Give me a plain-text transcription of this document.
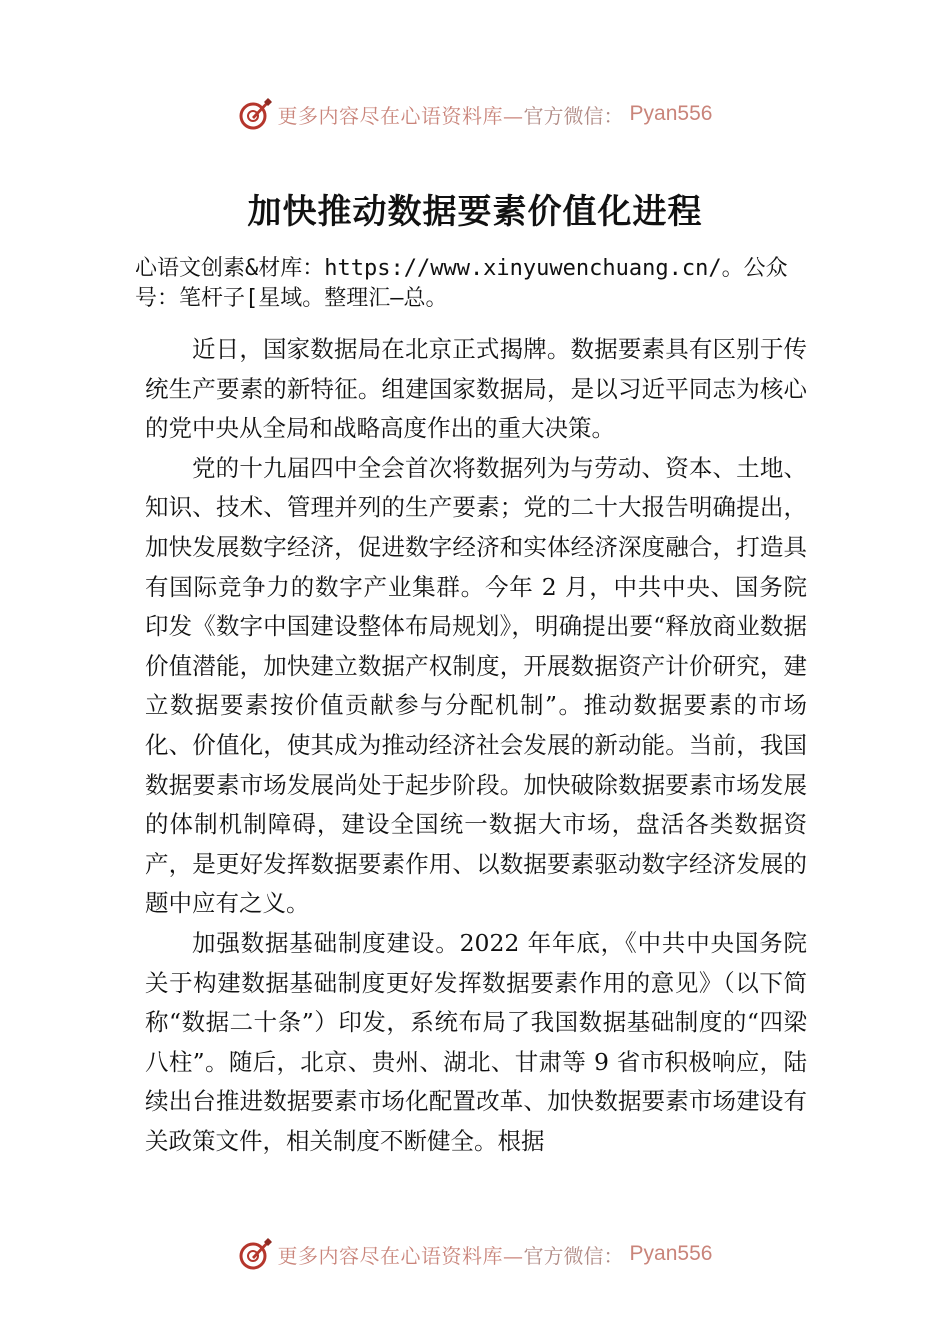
更多内容尽在心语资料库— 官方微信： Pyan556
加快推动数据要素价值化进程
心语文创素&材库：https://www.xinyuwenchuang.cn/。公众号：笔杆子[星域。整理汇—总。

近日，国家数据局在北京正式揭牌。数据要素具有区别于传统生产要素的新特征。组建国家数据局，是以习近平同志为核心的党中央从全局和战略高度作出的重大决策。

党的十九届四中全会首次将数据列为与劳动、资本、土地、知识、技术、管理并列的生产要素；党的二十大报告明确提出，加快发展数字经济，促进数字经济和实体经济深度融合，打造具有国际竞争力的数字产业集群。今年 2 月，中共中央、国务院印发《数字中国建设整体布局规划》，明确提出要“释放商业数据价值潜能，加快建立数据产权制度，开展数据资产计价研究，建立数据要素按价值贡献参与分配机制”。推动数据要素的市场化、价值化，使其成为推动经济社会发展的新动能。当前，我国数据要素市场发展尚处于起步阶段。加快破除数据要素市场发展的体制机制障碍，建设全国统一数据大市场，盘活各类数据资产，是更好发挥数据要素作用、以数据要素驱动数字经济发展的题中应有之义。

加强数据基础制度建设。2022 年年底，《中共中央国务院关于构建数据基础制度更好发挥数据要素作用的意见》（以下简称“数据二十条”）印发，系统布局了我国数据基础制度的“四梁八柱”。随后，北京、贵州、湖北、甘肃等 9 省市积极响应，陆续出台推进数据要素市场化配置改革、加快数据要素市场建设有关政策文件，相关制度不断健全。根据

更多内容尽在心语资料库— 官方微信： Pyan556
